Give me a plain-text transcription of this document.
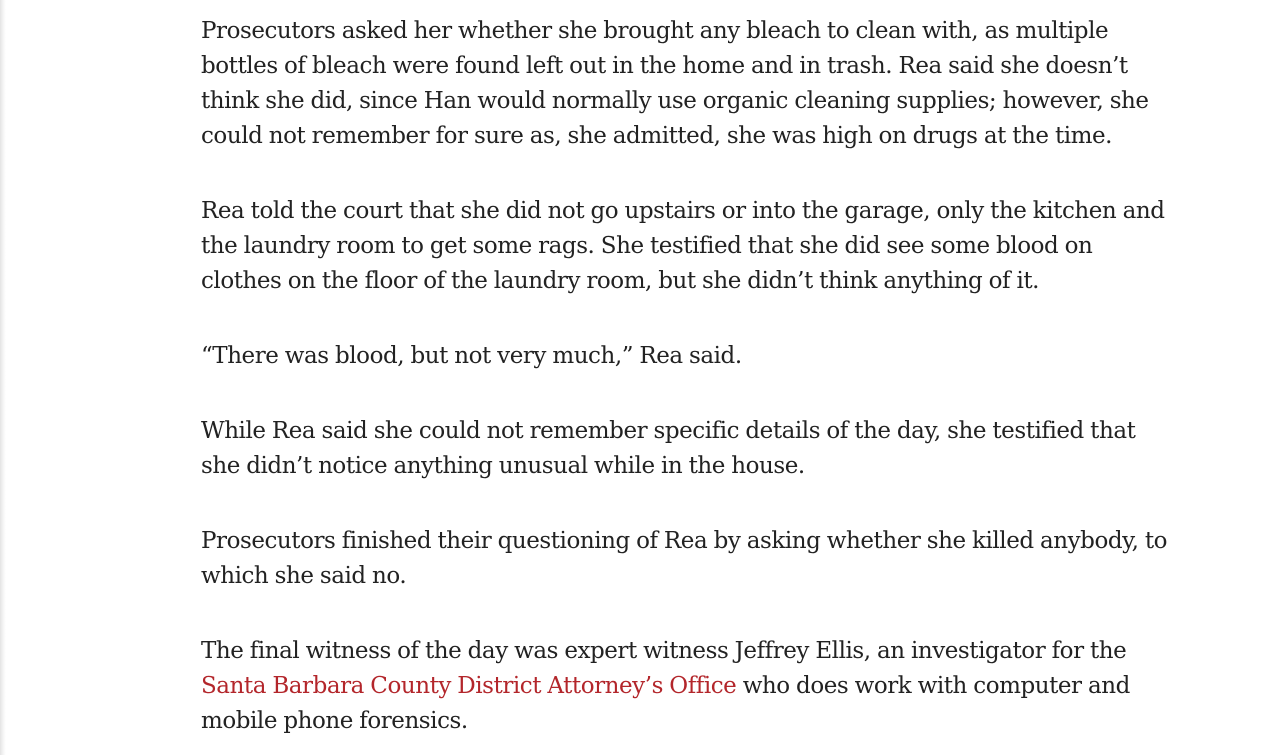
Prosecutors asked her whether she brought any bleach to clean with, as multiple bottles of bleach were found left out in the home and in trash. Rea said she doesn’t think she did, since Han would normally use organic cleaning supplies; however, she could not remember for sure as, she admitted, she was high on drugs at the time.

Rea told the court that she did not go upstairs or into the garage, only the kitchen and the laundry room to get some rags. She testified that she did see some blood on clothes on the floor of the laundry room, but she didn’t think anything of it.

“There was blood, but not very much,” Rea said.

While Rea said she could not remember specific details of the day, she testified that she didn’t notice anything unusual while in the house.

Prosecutors finished their questioning of Rea by asking whether she killed anybody, to which she said no.

The final witness of the day was expert witness Jeffrey Ellis, an investigator for the Santa Barbara County District Attorney’s Office who does work with computer and mobile phone forensics.
